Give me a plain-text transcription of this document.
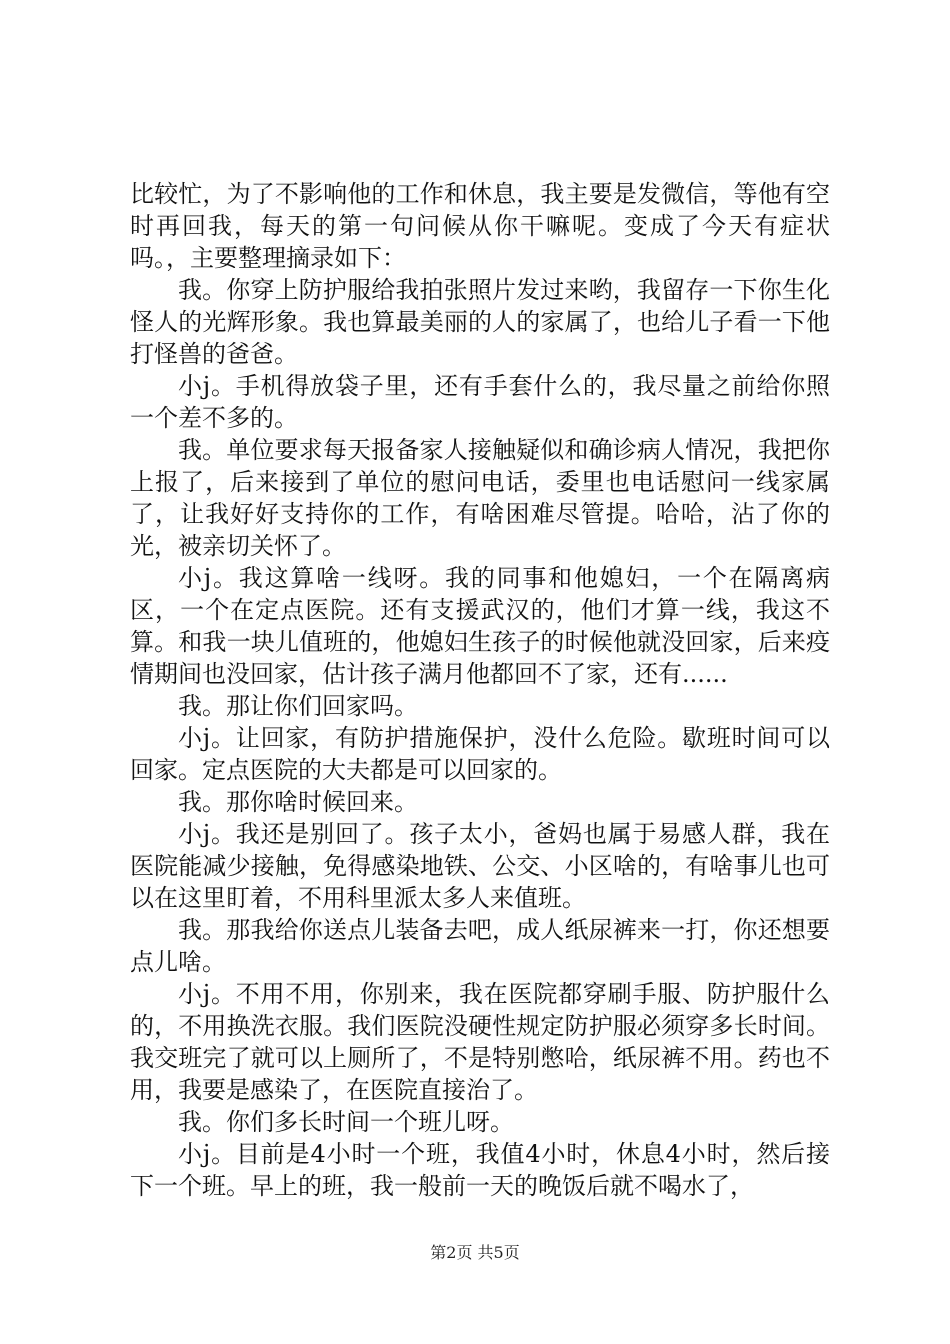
比较忙，为了不影响他的工作和休息，我主要是发微信，等他有空时再回我，每天的第一句问候从你干嘛呢。变成了今天有症状吗。，主要整理摘录如下：

我。你穿上防护服给我拍张照片发过来哟，我留存一下你生化怪人的光辉形象。我也算最美丽的人的家属了，也给儿子看一下他打怪兽的爸爸。

小j。手机得放袋子里，还有手套什么的，我尽量之前给你照一个差不多的。

我。单位要求每天报备家人接触疑似和确诊病人情况，我把你上报了，后来接到了单位的慰问电话，委里也电话慰问一线家属了，让我好好支持你的工作，有啥困难尽管提。哈哈，沾了你的光，被亲切关怀了。

小j。我这算啥一线呀。我的同事和他媳妇，一个在隔离病区，一个在定点医院。还有支援武汉的，他们才算一线，我这不算。和我一块儿值班的，他媳妇生孩子的时候他就没回家，后来疫情期间也没回家，估计孩子满月他都回不了家，还有......

我。那让你们回家吗。

小j。让回家，有防护措施保护，没什么危险。歇班时间可以回家。定点医院的大夫都是可以回家的。

我。那你啥时候回来。

小j。我还是别回了。孩子太小，爸妈也属于易感人群，我在医院能减少接触，免得感染地铁、公交、小区啥的，有啥事儿也可以在这里盯着，不用科里派太多人来值班。

我。那我给你送点儿装备去吧，成人纸尿裤来一打，你还想要点儿啥。

小j。不用不用，你别来，我在医院都穿刷手服、防护服什么的，不用换洗衣服。我们医院没硬性规定防护服必须穿多长时间。我交班完了就可以上厕所了，不是特别憋哈，纸尿裤不用。药也不用，我要是感染了，在医院直接治了。

我。你们多长时间一个班儿呀。

小j。目前是4小时一个班，我值4小时，休息4小时，然后接下一个班。早上的班，我一般前一天的晚饭后就不喝水了，

第2页 共5页
